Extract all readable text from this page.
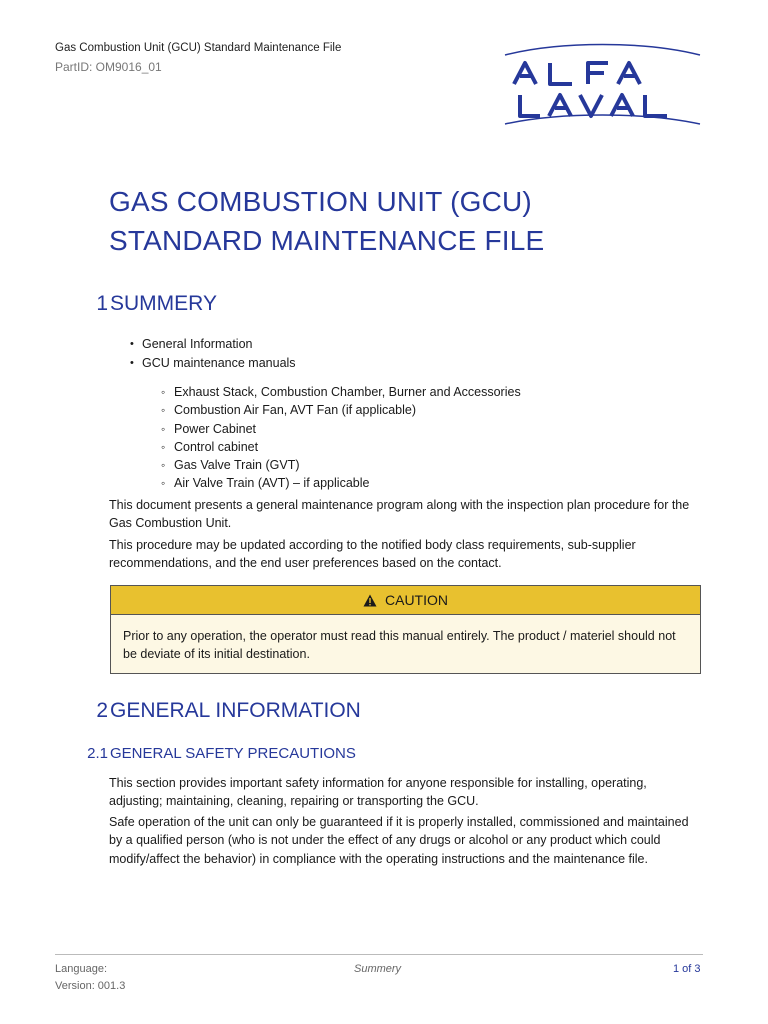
Gas Combustion Unit (GCU) Standard Maintenance File
PartID: OM9016_01
GAS COMBUSTION UNIT (GCU)
STANDARD MAINTENANCE FILE
1 SUMMERY
• General Information
• GCU maintenance manuals
◦ Exhaust Stack, Combustion Chamber, Burner and Accessories
◦ Combustion Air Fan, AVT Fan (if applicable)
◦ Power Cabinet
◦ Control cabinet
◦ Gas Valve Train (GVT)
◦ Air Valve Train (AVT) – if applicable

This document presents a general maintenance program along with the inspection plan procedure for the Gas Combustion Unit.

This procedure may be updated according to the notified body class requirements, sub-supplier recommendations, and the end user preferences based on the contact.

CAUTION
Prior to any operation, the operator must read this manual entirely. The product / materiel should not be deviate of its initial destination.
2 GENERAL INFORMATION
2.1 GENERAL SAFETY PRECAUTIONS

This section provides important safety information for anyone responsible for installing, operating, adjusting; maintaining, cleaning, repairing or transporting the GCU.

Safe operation of the unit can only be guaranteed if it is properly installed, commissioned and maintained by a qualified person (who is not under the effect of any drugs or alcohol or any product which could modify/affect the behavior) in compliance with the operating instructions and the maintenance file.

Language:
Version: 001.3
Summery	1 of 3
